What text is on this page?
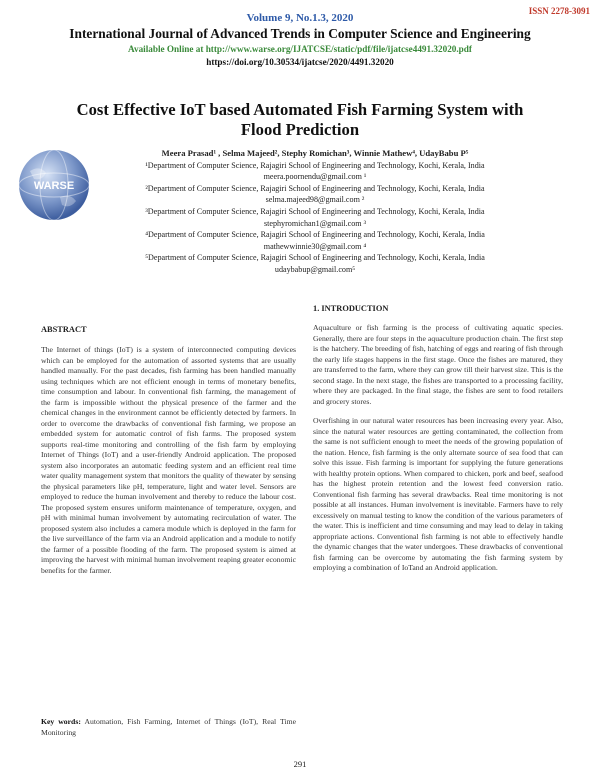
ISSN 2278-3091
Volume 9, No.1.3, 2020
International Journal of Advanced Trends in Computer Science and Engineering
Available Online at http://www.warse.org/IJATCSE/static/pdf/file/ijatcse4491.32020.pdf
https://doi.org/10.30534/ijatcse/2020/4491.32020
Cost Effective IoT based Automated Fish Farming System with Flood Prediction
WARSE

Meera Prasad¹ , Selma Majeed², Stephy Romichan³, Winnie Mathew⁴, UdayBabu P⁵

¹Department of Computer Science, Rajagiri School of Engineering and Technology, Kochi, Kerala, India

meera.poornendu@gmail.com ¹

²Department of Computer Science, Rajagiri School of Engineering and Technology, Kochi, Kerala, India

selma.majeed98@gmail.com ²

³Department of Computer Science, Rajagiri School of Engineering and Technology, Kochi, Kerala, India

stephyromichan1@gmail.com ³

⁴Department of Computer Science, Rajagiri School of Engineering and Technology, Kochi, Kerala, India

mathewwinnie30@gmail.com ⁴

⁵Department of Computer Science, Rajagiri School of Engineering and Technology, Kochi, Kerala, India

udaybabup@gmail.com⁵

ABSTRACT
The Internet of things (IoT) is a system of interconnected computing devices which can be employed for the automation of assorted systems that are usually handled manually. For the past decades, fish farming has been handled manually using techniques which are not efficient enough in terms of monetary benefits, time consumption and labour. In conventional fish farming, the management of the farm is impossible without the physical presence of the farmer and the chemical changes in the environment cannot be efficiently detected by farmers. In order to overcome the drawbacks of conventional fish farming, we propose an embedded system for automatic control of fish farms. The proposed system supports real-time monitoring and controlling of the fish farm by employing Internet of Things (IoT) and a user-friendly Android application. The proposed system also incorporates an automatic feeding system and an efficient real time water quality management system that monitors the quality of thewater by sensing the physical parameters like pH, temperature, light and water level. Sensors are employed to reduce the human involvement and thereby to reduce the labour cost. The proposed system ensures uniform maintenance of temperature, oxygen, and pH with minimal human involvement by automating recirculation of water. The proposed system also includes a camera module which is deployed in the farm for the live surveillance of the farm via an Android application and a module to notify the farmer of a possible flooding of the farm. The proposed system is aimed at improving the harvest with minimal human involvement reaping greater economic benefits for the farmer.
Key words: Automation, Fish Farming, Internet of Things (IoT), Real Time Monitoring
1. INTRODUCTION

Aquaculture or fish farming is the process of cultivating aquatic species. Generally, there are four steps in the aquaculture production chain. The first step is the hatchery. The breeding of fish, hatching of eggs and rearing of fish through the early life stages happens in the first stage. Once the fishes are matured, they are transferred to the farm, where they can grow till their harvest size. This is the second stage. In the next stage, the fishes are transported to a processing facility, where they are packaged. In the final stage, the fishes are sent to food retailers and grocery stores.

Overfishing in our natural water resources has been increasing every year. Also, since the natural water resources are getting contaminated, the collection from the same is not sufficient enough to meet the needs of the growing population of the nation. Hence, fish farming is the only alternate source of sea food that can solve this issue. Fish farming is important for supplying the future generations with healthy protein options. When compared to chicken, pork and beef, seafood has the highest protein retention and the lowest feed conversion ratio. Conventional fish farming has several drawbacks. Real time monitoring is not possible at all instances. Human involvement is inevitable. Farmers have to rely excessively on manual testing to know the condition of the various parameters of the water. This is inefficient and time consuming and may lead to delay in taking appropriate actions. Conventional fish farming is not able to effectively handle the dynamic changes that the water undergoes. These drawbacks of conventional fish farming can be overcome by automating the fish farming system by employing a combination of IoTand an Android application.

291
